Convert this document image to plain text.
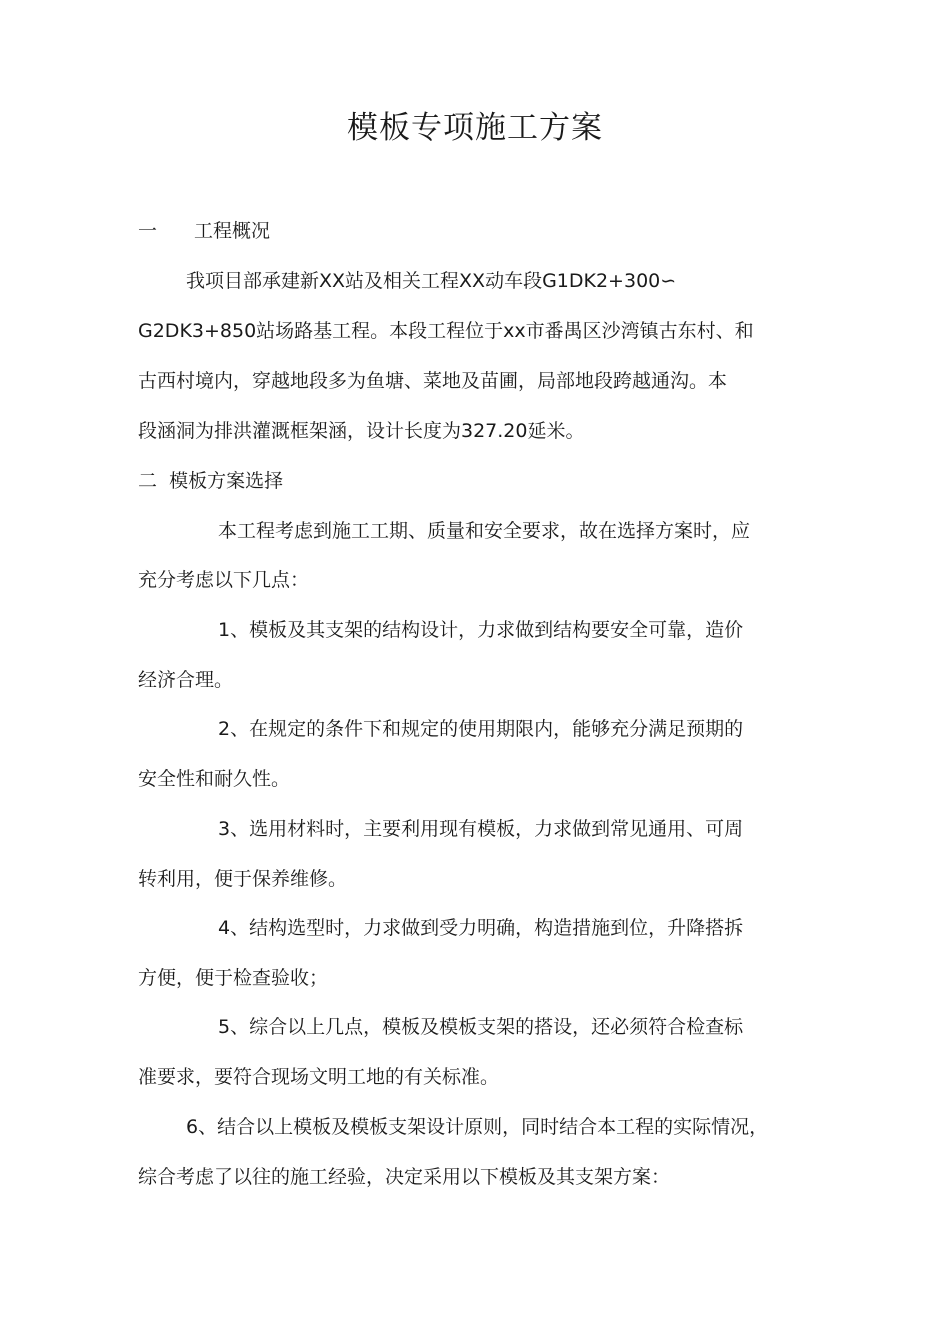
模板专项施工方案
一 工程概况

我项目部承建新XX站及相关工程XX动车段G1DK2+300∽

G2DK3+850站场路基工程。本段工程位于xx市番禺区沙湾镇古东村、和

古西村境内，穿越地段多为鱼塘、菜地及苗圃，局部地段跨越通沟。本

段涵洞为排洪灌溉框架涵，设计长度为327.20延米。

二  模板方案选择

本工程考虑到施工工期、质量和安全要求，故在选择方案时，应

充分考虑以下几点：

1、模板及其支架的结构设计，力求做到结构要安全可靠，造价

经济合理。

2、在规定的条件下和规定的使用期限内，能够充分满足预期的

安全性和耐久性。

3、选用材料时，主要利用现有模板，力求做到常见通用、可周

转利用，便于保养维修。

4、结构选型时，力求做到受力明确，构造措施到位，升降搭拆

方便，便于检查验收；

5、综合以上几点，模板及模板支架的搭设，还必须符合检查标

准要求，要符合现场文明工地的有关标准。

6、结合以上模板及模板支架设计原则，同时结合本工程的实际情况，

综合考虑了以往的施工经验，决定采用以下模板及其支架方案：
